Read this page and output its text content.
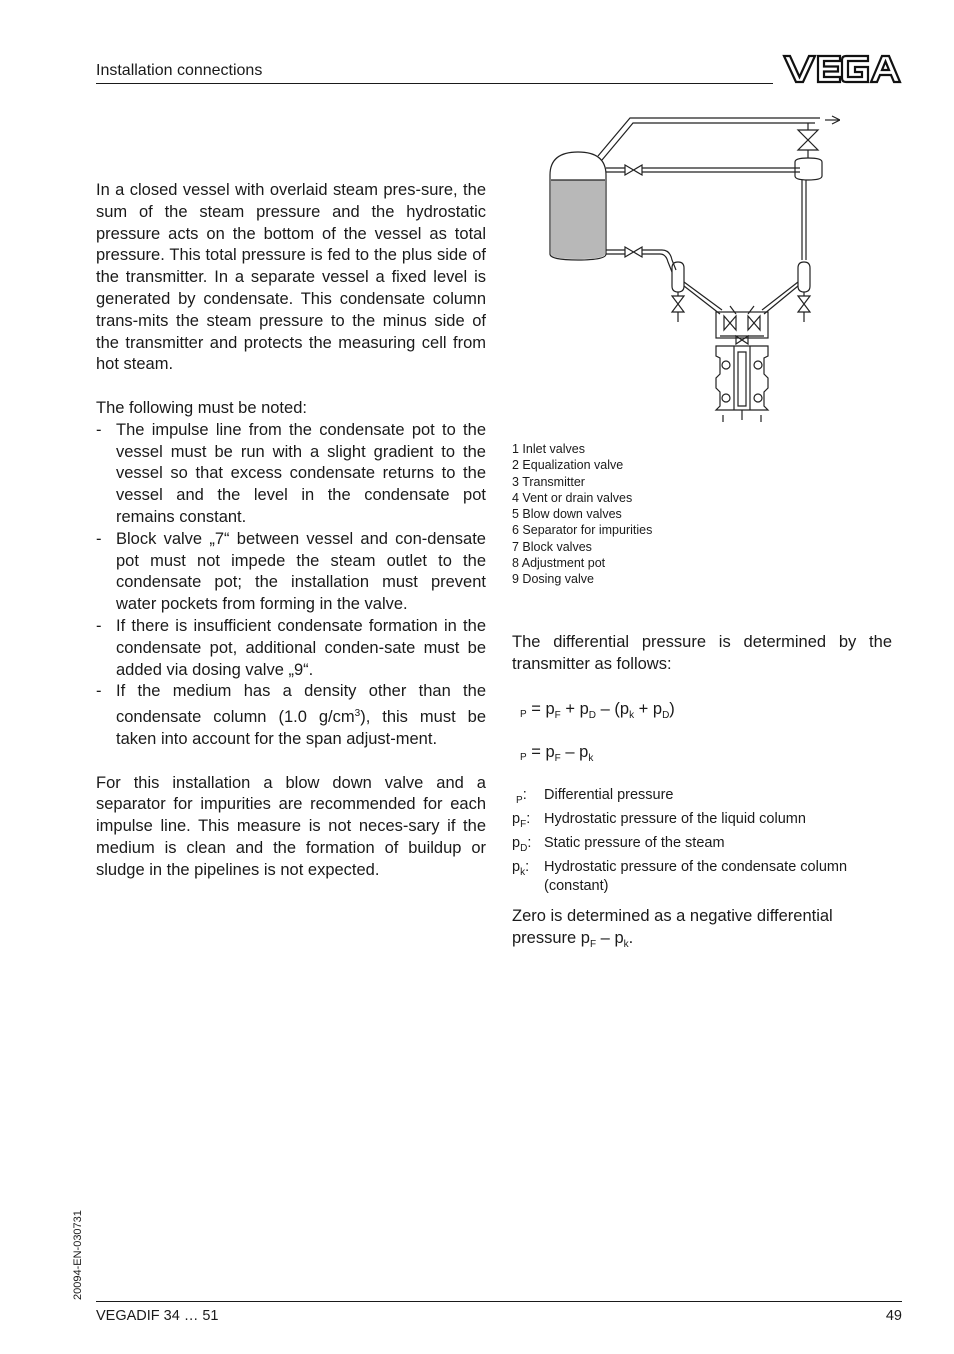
Installation connections

In a closed vessel with overlaid steam pres-sure, the sum of the steam pressure and the hydrostatic pressure acts on the bottom of the vessel as total pressure. This total pressure is fed to the plus side of the transmitter. In a separate vessel a fixed level is generated by condensate. This condensate column trans-mits the steam pressure to the minus side of the transmitter and protects the measuring cell from hot steam.

The following must be noted:
- The impulse line from the condensate pot to the vessel must be run with a slight gradient to the vessel so that excess condensate returns to the vessel and the level in the condensate pot remains constant.
- Block valve „7“ between vessel and con-densate pot must not impede the steam outlet to the condensate pot; the installation must prevent water pockets from forming in the valve.
- If there is insufficient condensate formation in the condensate pot, additional conden-sate must be added via dosing valve „9“.
- If the medium has a density other than the condensate column (1.0 $g/cm^3$), this must be taken into account for the span adjust-ment.

For this installation a blow down valve and a separator for impurities are recommended for each impulse line. This measure is not neces-sary if the medium is clean and the formation of buildup or sludge in the pipelines is not expected.

1 Inlet valves
2 Equalization valve
3 Transmitter
4 Vent or drain valves
5 Blow down valves
6 Separator for impurities
7 Block valves
8 Adjustment pot
9 Dosing valve
The differential pressure is determined by the transmitter as follows:
$P = p_F + p_D - (p_k + p_D)$
$P = p_F - p_k$
$_P$:	Differential pressure
$p_F$: Hydrostatic pressure of the liquid column
$p_D$: Static pressure of the steam
$p_k$:	Hydrostatic pressure of the condensate column (constant)
Zero is determined as a negative differential pressure $p_F - p_k$.
20094-EN-030731
VEGADIF 34 … 51	49
